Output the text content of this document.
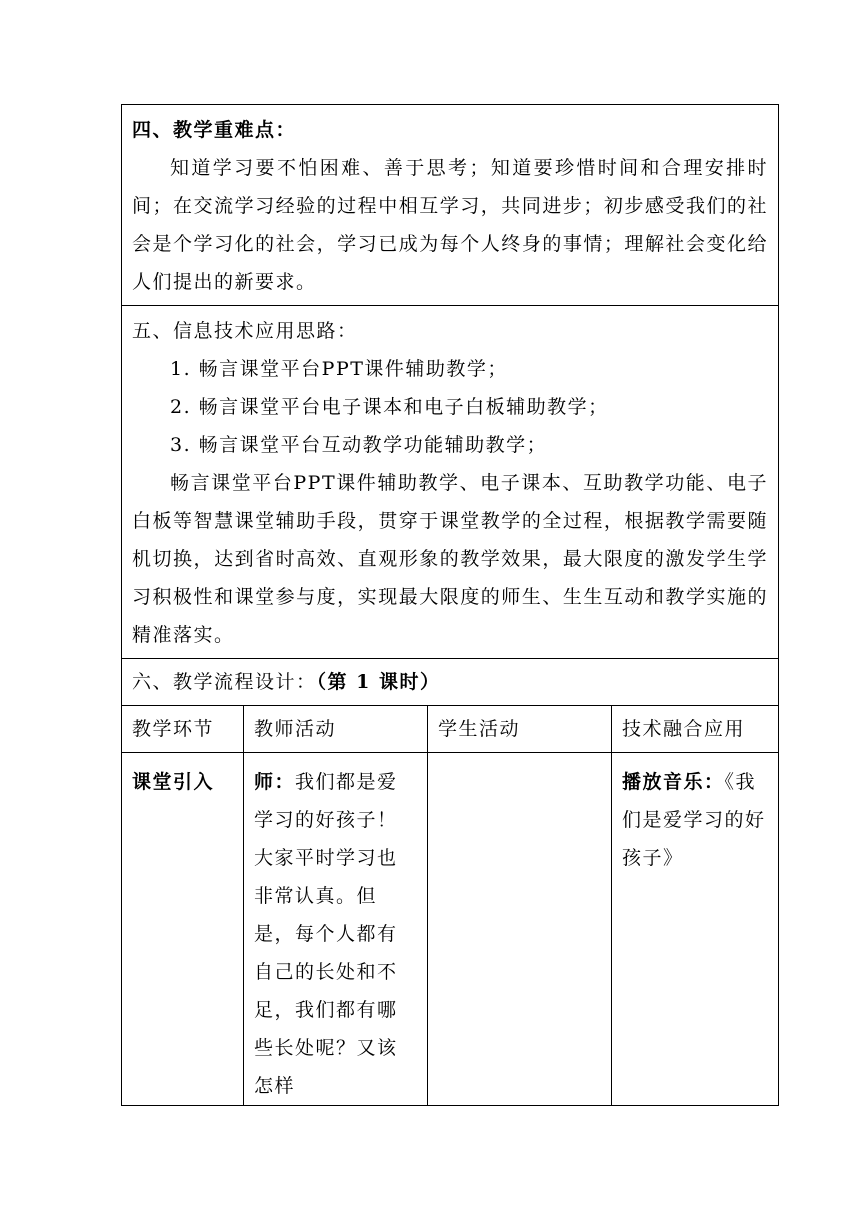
四、教学重难点：

知道学习要不怕困难、善于思考；知道要珍惜时间和合理安排时间；在交流学习经验的过程中相互学习，共同进步；初步感受我们的社会是个学习化的社会，学习已成为每个人终身的事情；理解社会变化给人们提出的新要求。			

五、信息技术应用思路：

1. 畅言课堂平台PPT课件辅助教学；

2. 畅言课堂平台电子课本和电子白板辅助教学；

3. 畅言课堂平台互动教学功能辅助教学；

畅言课堂平台PPT课件辅助教学、电子课本、互助教学功能、电子白板等智慧课堂辅助手段，贯穿于课堂教学的全过程，根据教学需要随机切换，达到省时高效、直观形象的教学效果，最大限度的激发学生学习积极性和课堂参与度，实现最大限度的师生、生生互动和教学实施的精准落实。			

六、教学流程设计：（第 1 课时）			
教学环节	教师活动	学生活动	技术融合应用
课堂引入	师：我们都是爱学习的好孩子！大家平时学习也非常认真。但是，每个人都有自己的长处和不足，我们都有哪些长处呢？又该怎样		播放音乐：《我们是爱学习的好孩子》
